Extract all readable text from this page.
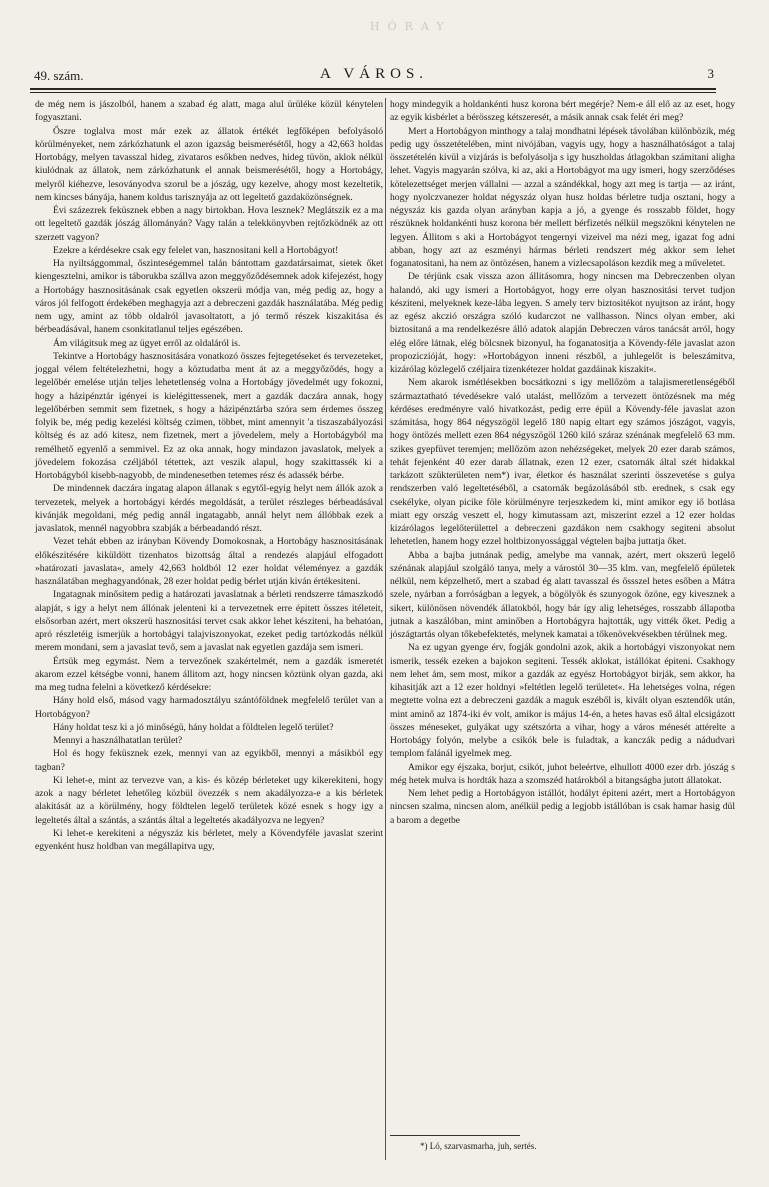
HÓRAY
49. szám.	A VÁROS.	3

de még nem is jászolból, hanem a szabad ég alatt, maga alul ürüléke közül kénytelen fogyasztani.

Őszre toglalva most már ezek az állatok értékét legfőképen befolyásoló körülményeket, nem zárkózhatunk el azon igazság beismerésétől, hogy a 42,663 holdas Hortobágy, melyen tavasszal hideg, zivataros esőkben nedves, hideg tüvön, aklok nélkül kiulódnak az állatok, nem zárkózhatunk el annak beismerésétől, hogy a Hortobágy, melyről kiéhezve, lesoványodva szorul be a jószág, ugy kezelve, ahogy most kezeltetik, nem kincses bányája, hanem koldus tarisznyája az ott legeltető gazdaközönségnek.

Évi százezrek feküsznek ebben a nagy birtokban. Hova lesznek? Meglátszik ez a ma ott legeltető gazdák jószág állományán? Vagy talán a telekkönyvben rejtőzködnék az ott szerzett vagyon?

Ezekre a kérdésekre csak egy felelet van, hasznositani kell a Hortobágyot!

Ha nyiltsággommal, őszinteségemmel talán bántottam gazdatársaimat, sietek őket kiengesztelni, amikor is táborukba szállva azon meggyőződésemnek adok kifejezést, hogy a Hortobágy hasznositásának csak egyetlen okszerü módja van, még pedig az, hogy a város jól felfogott érdekében meghagyja azt a debreczeni gazdák használatába. Még pedig nem ugy, amint az több oldalról javasoltatott, a jó termő részek kiszakitása és bérbeadásával, hanem csonkitatlanul teljes egészében.

Ám világitsuk meg az ügyet erről az oldaláról is.

Tekintve a Hortobágy hasznositására vonatkozó összes fejtegetéseket és tervezeteket, joggal vélem feltételezhetni, hogy a köztudatba ment át az a meggyőződés, hogy a legelőbér emelése utján teljes lehetetlenség volna a Hortobágy jövedelmét ugy fokozni, hogy a házipénztár igényei is kielégittessenek, mert a gazdák daczára annak, hogy legelőbérben semmit sem fizetnek, s hogy a házipénztárba szóra sem érdemes összeg folyik be, még pedig kezelési költség czimen, többet, mint amennyit 'a tiszaszabályozási költség és az adó kitesz, nem fizetnek, mert a jövedelem, mely a Hortobágyból ma remélhető egyenlő a semmivel. Ez az oka annak, hogy mindazon javaslatok, melyek a jövedelem fokozása czéljából tétettek, azt veszik alapul, hogy szakittassék ki a Hortobágyból kisebb-nagyobb, de mindenesetben tetemes rész és adassék bérbe.

De mindennek daczára ingatag alapon állanak s egytől-egyig helyt nem állók azok a tervezetek, melyek a hortobágyi kérdés megoldását, a terület részleges bérbeadásával kivánják megoldani, még pedig annál ingatagabb, annál helyt nem állóbbak ezek a javaslatok, mennél nagyobbra szabják a bérbeadandó részt.

Vezet tehát ebben az irányban Kövendy Domokosnak, a Hortobágy hasznositásának előkészitésére kiküldött tizenhatos bizottság által a rendezés alapjául elfogadott »határozati javaslata«, amely 42,663 holdból 12 ezer holdat véleményez a gazdák használatában meghagyandónak, 28 ezer holdat pedig bérlet utján kiván értékesiteni.

Ingatagnak minősitem pedig a határozati javaslatnak a bérleti rendszerre támaszkodó alapját, s igy a helyt nem állónak jelenteni ki a tervezetnek erre épitett összes itéleteit, elsősorban azért, mert okszerü hasznositási tervet csak akkor lehet késziteni, ha behatóan, apró részletéig ismerjük a hortobágyi talajviszonyokat, ezeket pedig tartózkodás nélkül merem mondani, sem a javaslat tevő, sem a javaslat nak egyetlen gazdája sem ismeri.

Értsük meg egymást. Nem a tervezőnek szakértelmét, nem a gazdák ismeretét akarom ezzel kétségbe vonni, hanem állitom azt, hogy nincsen köztünk olyan gazda, aki ma meg tudna felelni a következő kérdésekre:

Hány hold első, másod vagy harmadosztályu szántóföldnek megfelelő terület van a Hortobágyon?

Hány holdat tesz ki a jó minőségü, hány holdat a földtelen legelő terület?

Mennyi a használhatatlan terület?

Hol és hogy feküsznek ezek, mennyi van az egyikből, mennyi a másikból egy tagban?

Ki lehet-e, mint az tervezve van, a kis- és közép bérleteket ugy kikerekiteni, hogy azok a nagy bérletet lehetőleg közbül övezzék s nem akadályozza-e a kis bérletek alakitását az a körülmény, hogy földtelen legelő területek közé esnek s hogy igy a legeltetés által a szántás, a szántás által a legeltetés akadályozva ne legyen?

Ki lehet-e kerekiteni a négyszáz kis bérletet, mely a Kövendyféle javaslat szerint egyenként husz holdban van megállapitva ugy,

hogy mindegyik a holdankénti husz korona bért megérje? Nem-e áll elő az az eset, hogy az egyik kisbérlet a bérösszeg kétszeresét, a másik annak csak felét éri meg?

Mert a Hortobágyon minthogy a talaj mondhatni lépések távolában különbözik, még pedig ugy összetételében, mint nivójában, vagyis ugy, hogy a használhatóságot a talaj összetételén kivül a vizjárás is befolyásolja s igy huszholdas átlagokban számitani aligha lehet. Vagyis magyarán szólva, ki az, aki a Hortobágyot ma ugy ismeri, hogy szerződéses kötelezettséget merjen vállalni — azzal a szándékkal, hogy azt meg is tartja — az iránt, hogy nyolczvanezer holdat négyszáz olyan husz holdas bérletre tudja osztani, hogy a négyszáz kis gazda olyan arányban kapja a jó, a gyenge és rosszabb földet, hogy részüknek holdankénti husz korona bér mellett bérfizetés nélkül megszökni kénytelen ne legyen. Állitom s aki a Hortobágyot tengernyi vizeivel ma nézi meg, igazat fog adni abban, hogy azt az eszményi hármas bérleti rendszert még akkor sem lehet foganatositani, ha nem az öntözésen, hanem a vizlecsapoláson kezdik meg a műveletet.

De térjünk csak vissza azon állitásomra, hogy nincsen ma Debreczenben olyan halandó, aki ugy ismeri a Hortobágyot, hogy erre olyan hasznositási tervet tudjon késziteni, melyeknek keze-lába legyen. S amely terv biztositékot nyujtson az iránt, hogy az egész akczió országra szóló kudarczot ne vallhasson. Nincs olyan ember, aki biztositaná a ma rendelkezésre álló adatok alapján Debreczen város tanácsát arról, hogy elég előre látnak, elég bölcsnek bizonyul, ha foganatositja a Kövendy-féle javaslat azon propoziczióját, hogy: »Hortobágyon inneni részből, a juhlegelőt is beleszámitva, kizárólag közlegelő czéljaira tizenkétezer holdat gazdáinak kiszakit«.

Nem akarok ismétlésekben bocsátkozni s igy mellőzöm a talajismeretlenségéből származtatható tévedésekre való utalást, mellőzöm a tervezett öntözésnek ma még kérdéses eredményre való hivatkozást, pedig erre épül a Kövendy-féle javaslat azon számitása, hogy 864 négyszögöl legelő 180 napig eltart egy számos jószágot, vagyis, hogy öntözés mellett ezen 864 négyszögöl 1260 kiló száraz szénának megfelelő 63 mm. szikes gyepfüvet teremjen; mellőzöm azon nehézségeket, melyek 20 ezer darab számos, tehát fejenként 40 ezer darab állatnak, ezen 12 ezer, csatornák által szét hidakkal tarkázott szükterületen nem*) ivar, életkor és használat szerinti összevetése s gulya rendszerben való legeltetéséből, a csatornák begázolásából stb. erednek, s csak egy csekélyke, olyan picike föle körülményre terjeszkedem ki, mint amikor egy iő botlása miatt egy ország veszett el, hogy kimutassam azt, miszerint ezzel a 12 ezer holdas kizárólagos legelőterülettel a debreczeni gazdákon nem csakhogy segiteni absolut lehetetlen, hanem hogy ezzel holtbizonyossággal végtelen bajba juttatja őket.

Abba a bajba jutnának pedig, amelybe ma vannak, azért, mert okszerü legelő szénának alapjául szolgáló tanya, mely a várostól 30—35 klm. van, megfelelő épületek nélkül, nem képzelhető, mert a szabad ég alatt tavasszal és őssszel hetes esőben a Mátra szele, nyárban a forróságban a legyek, a bögölyök és szunyogok özöne, egy kivesznek a sikert, különösen növendék állatokból, hogy bár így alig lehetséges, rosszabb állapotba jutnak a kaszálóban, mint aminőben a Hortobágyra hajtották, ugy vitték őket. Pedig a jószágtartás olyan tőkebefektetés, melynek kamatai a tőkenövekvésekben térülnek meg.

Na ez ugyan gyenge érv, fogják gondolni azok, akik a hortobágyi viszonyokat nem ismerik, tessék ezeken a bajokon segiteni. Tessék aklokat, istállókat épiteni. Csakhogy nem lehet ám, sem most, mikor a gazdák az egyész Hortobágyot birják, sem akkor, ha kihasitják azt a 12 ezer holdnyi »feltétlen legelő területet«. Ha lehetséges volna, régen megtette volna ezt a debreczeni gazdák a maguk eszéből is, kivált olyan esztendők után, mint aminő az 1874-iki év volt, amikor is május 14-én, a hetes havas eső által elcsigázott összes méneseket, gulyákat ugy szétszórta a vihar, hogy a város ménesét attérelte a Hortobágy folyón, melybe a csikók bele is fuladtak, a kanczák pedig a nádudvari templom falánál igyelmek meg.

Amikor egy éjszaka, borjut, csikót, juhot beleértve, elhullott 4000 ezer drb. jószág s még hetek mulva is hordták haza a szomszéd határokból a bitangságba jutott állatokat.

Nem lehet pedig a Hortobágyon istállót, hodályt épiteni azért, mert a Hortobágyon nincsen szalma, nincsen alom, anélkül pedig a legjobb istállóban is csak hamar hasig dül a barom a degetbe

*) Ló, szarvasmarha, juh, sertés.
